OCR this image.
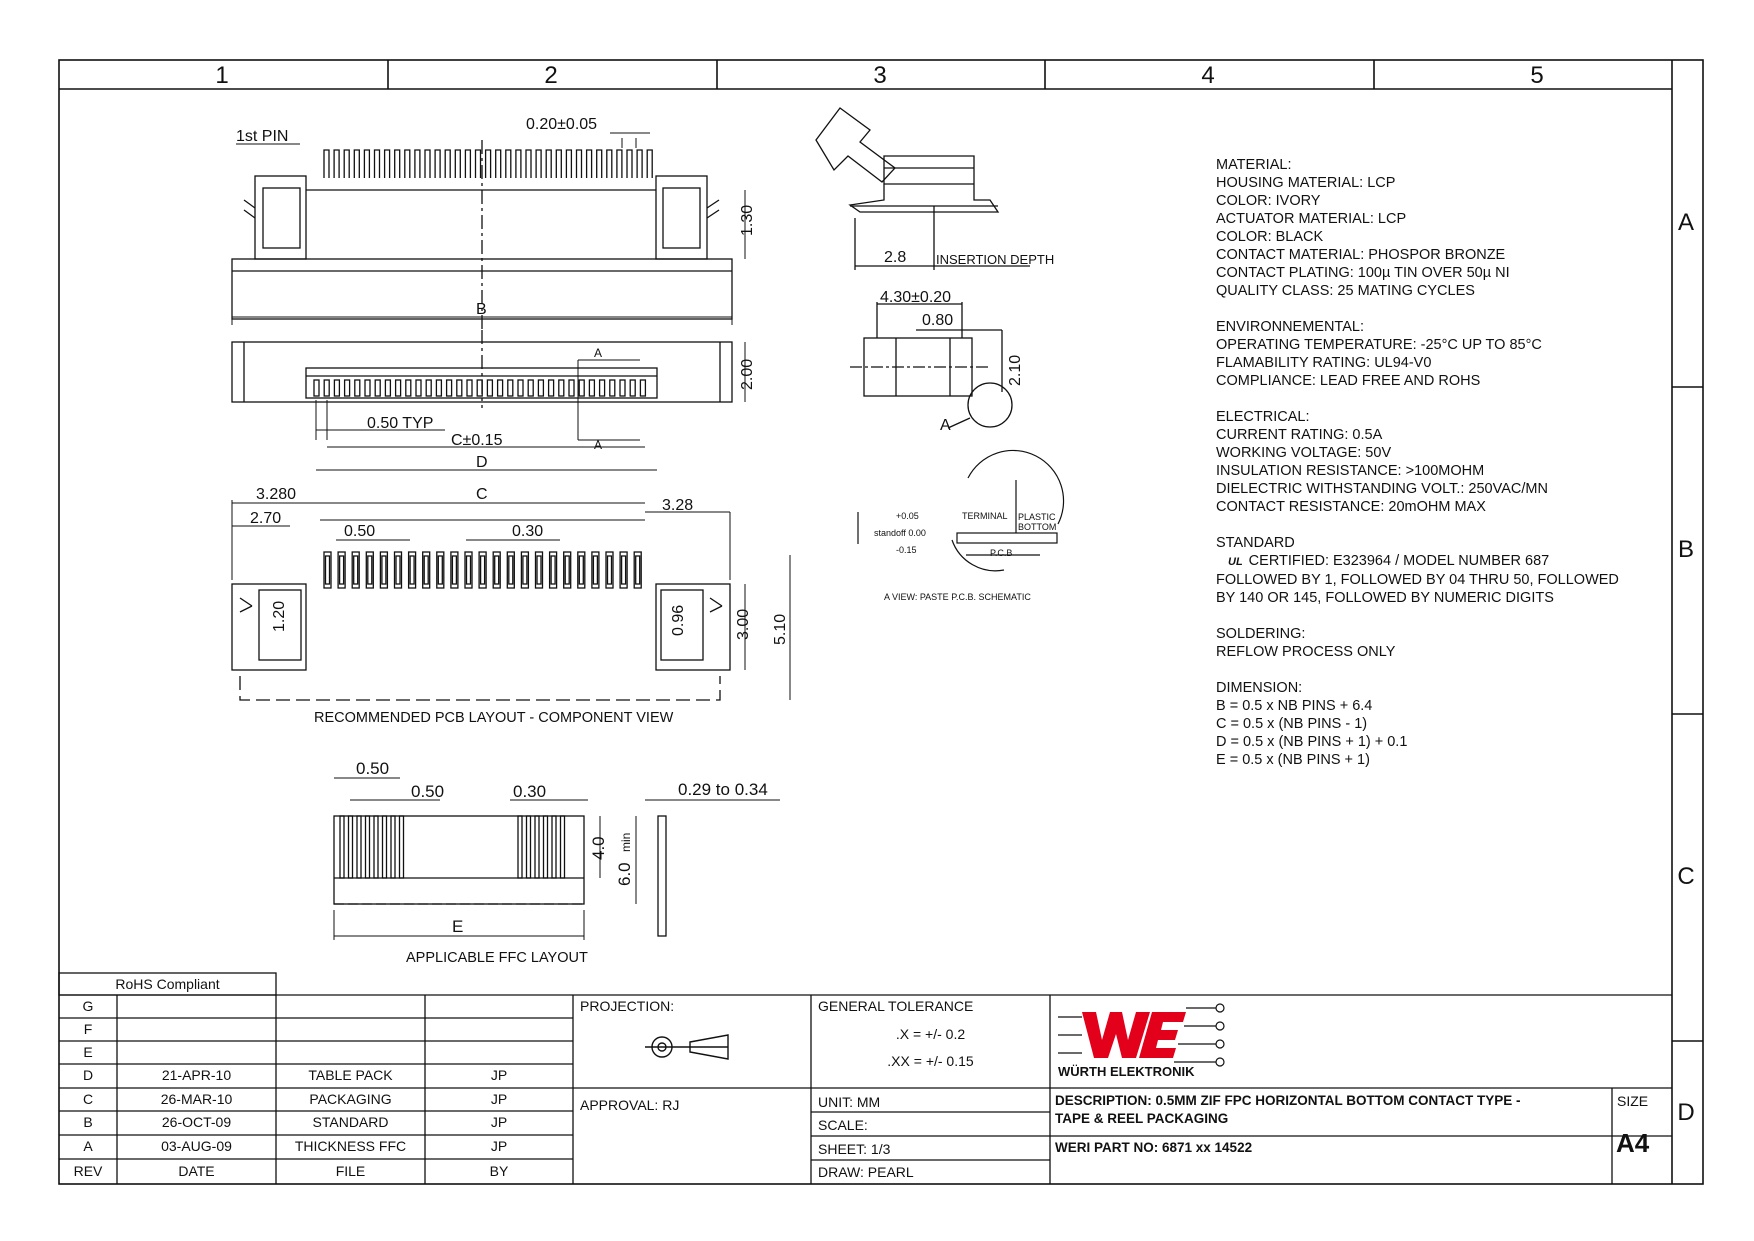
1	2	3	4	5
A
B
C
D
1st PIN
0.20±0.05
1.30
B
2.00
A
A
0.50 TYP
C±0.15
D
2.8 INSERTION DEPTH
4.30±0.20
0.80
2.10
A
3.280	C
3.28
2.70
0.50	0.30
1.20	0.96	3.00 5.10
RECOMMENDED PCB LAYOUT - COMPONENT VIEW
+0.05
standoff 0.00
-0.15
TERMINAL PLASTIC
BOTTOM
P.C.B
A VIEW: PASTE P.C.B. SCHEMATIC
0.50
0.50	0.30	0.29 to 0.34
4.0
6.0
min
E
APPLICABLE FFC LAYOUT
MATERIAL:
HOUSING MATERIAL: LCP
COLOR: IVORY
ACTUATOR MATERIAL: LCP
COLOR: BLACK
CONTACT MATERIAL: PHOSPOR BRONZE
CONTACT PLATING: 100µ TIN OVER 50µ NI
QUALITY CLASS: 25 MATING CYCLES
ENVIRONNEMENTAL:
OPERATING TEMPERATURE: -25°C UP TO 85°C
FLAMABILITY RATING: UL94-V0
COMPLIANCE: LEAD FREE AND ROHS
ELECTRICAL:
CURRENT RATING: 0.5A
WORKING VOLTAGE: 50V
INSULATION RESISTANCE: >100MOHM
DIELECTRIC WITHSTANDING VOLT.: 250VAC/MN
CONTACT RESISTANCE: 20mOHM MAX
STANDARD
UL CERTIFIED: E323964 / MODEL NUMBER 687
FOLLOWED BY 1, FOLLOWED BY 04 THRU 50, FOLLOWED
BY 140 OR 145, FOLLOWED BY NUMERIC DIGITS
SOLDERING:
REFLOW PROCESS ONLY
DIMENSION:
B = 0.5 x NB PINS + 6.4
C = 0.5 x (NB PINS - 1)
D = 0.5 x (NB PINS + 1) + 0.1
E = 0.5 x (NB PINS + 1)
RoHS Compliant
G
F
E
D	21-APR-10	TABLE PACK	JP
C	26-MAR-10	PACKAGING	JP
B	26-OCT-09	STANDARD	JP
A	03-AUG-09	THICKNESS FFC	JP
REV	DATE	FILE	BY
PROJECTION:
APPROVAL: RJ
GENERAL TOLERANCE
.X = +/- 0.2
.XX = +/- 0.15
UNIT: MM
SCALE:
SHEET: 1/3
DRAW: PEARL
WÜRTH ELEKTRONIK
DESCRIPTION: 0.5MM ZIF FPC HORIZONTAL BOTTOM CONTACT TYPE -
TAPE & REEL PACKAGING
WERI PART NO: 6871 xx 14522
SIZE
A4
